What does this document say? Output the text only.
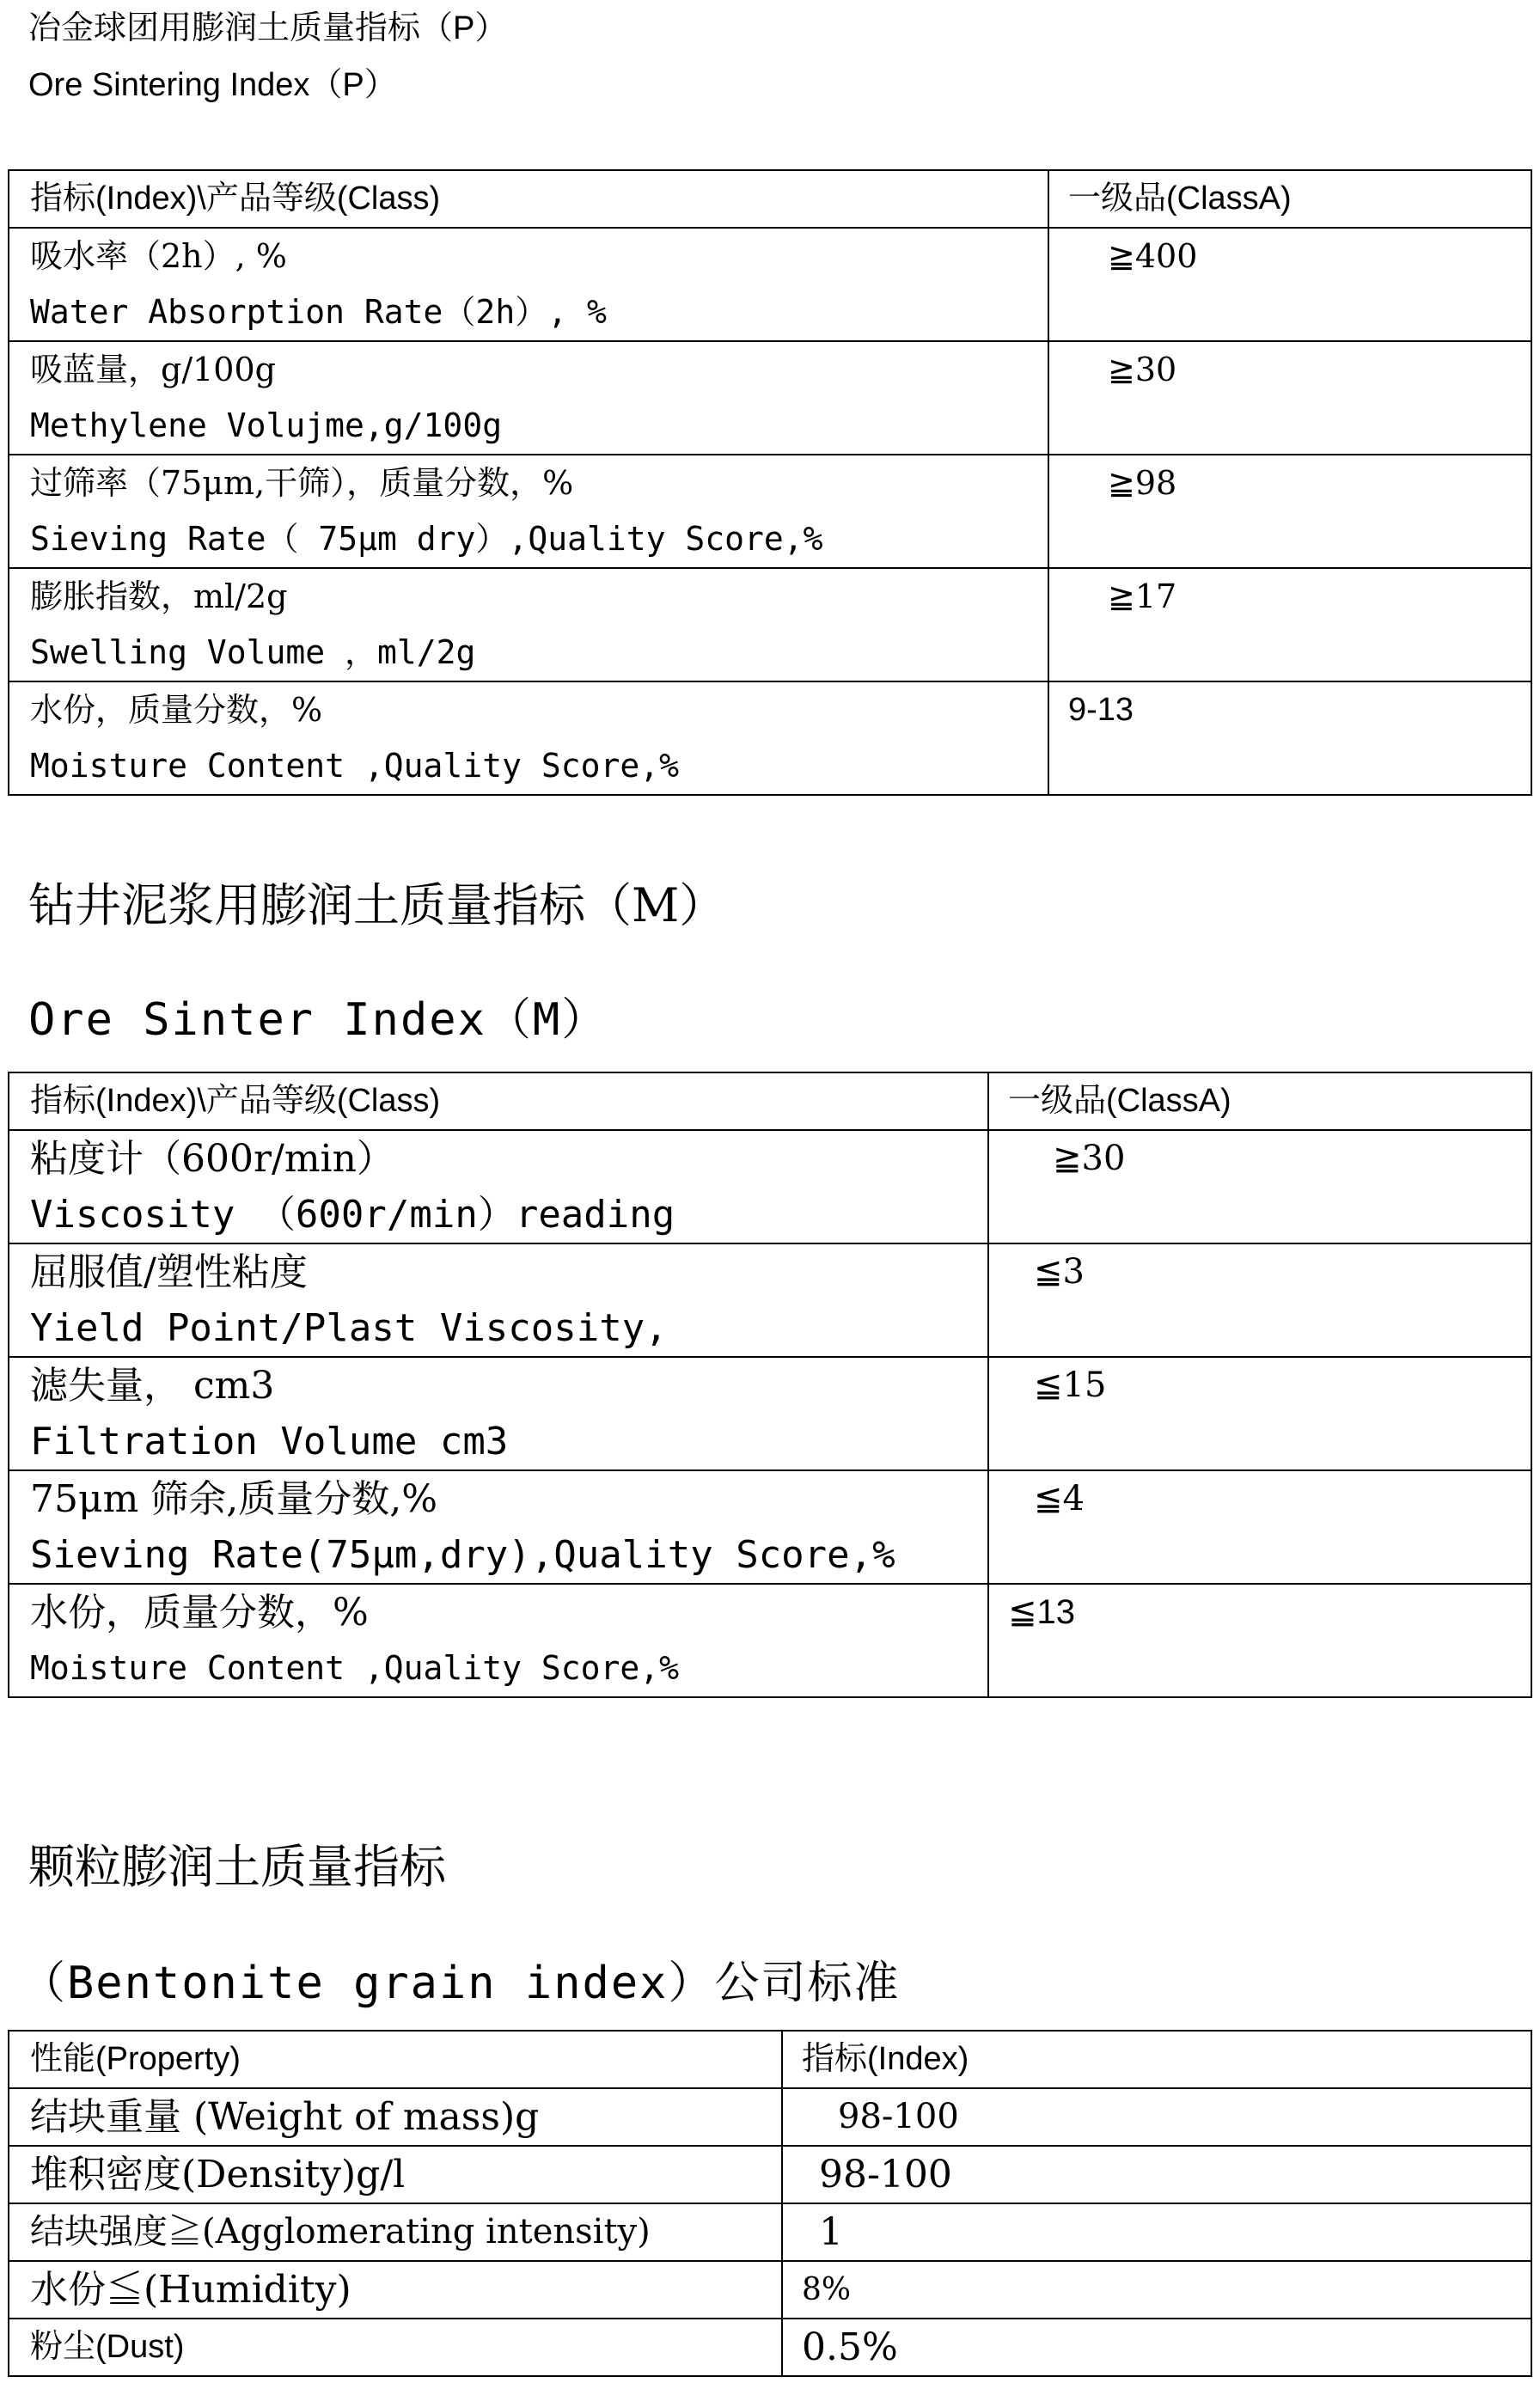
冶金球团用膨润土质量指标（P）
Ore Sintering Index（P）
指标(Index)\产品等级(Class)	一级品(ClassA)

吸水率（2h）, %
Water Absorption Rate（2h）, %	≧400

吸蓝量，g/100g
Methylene Volujme,g/100g	≧30

过筛率（75μm,干筛），质量分数，%
Sieving Rate（ 75μm dry）,Quality Score,%	≧98

膨胀指数，ml/2g
Swelling Volume ，ml/2g	≧17

水份，质量分数，%
Moisture Content ,Quality Score,%	9-13
钻井泥浆用膨润土质量指标（M）
Ore Sinter Index（M）
指标(Index)\产品等级(Class)	一级品(ClassA)

粘度计（600r/min）
Viscosity （600r/min）reading	≧30

屈服值/塑性粘度
Yield Point/Plast Viscosity,	≦3

滤失量， cm3
Filtration Volume cm3	≦15

75μm 筛余,质量分数,%
Sieving Rate(75μm,dry),Quality Score,%	≦4

水份，质量分数，%
Moisture Content ,Quality Score,%	≦13
颗粒膨润土质量指标
（Bentonite grain index）公司标准
性能(Property)	指标(Index)

结块重量 (Weight of mass)g	98-100

堆积密度(Density)g/l	98-100

结块强度≧(Agglomerating intensity)	1

水份≦(Humidity)	8%

粉尘(Dust)	0.5%
